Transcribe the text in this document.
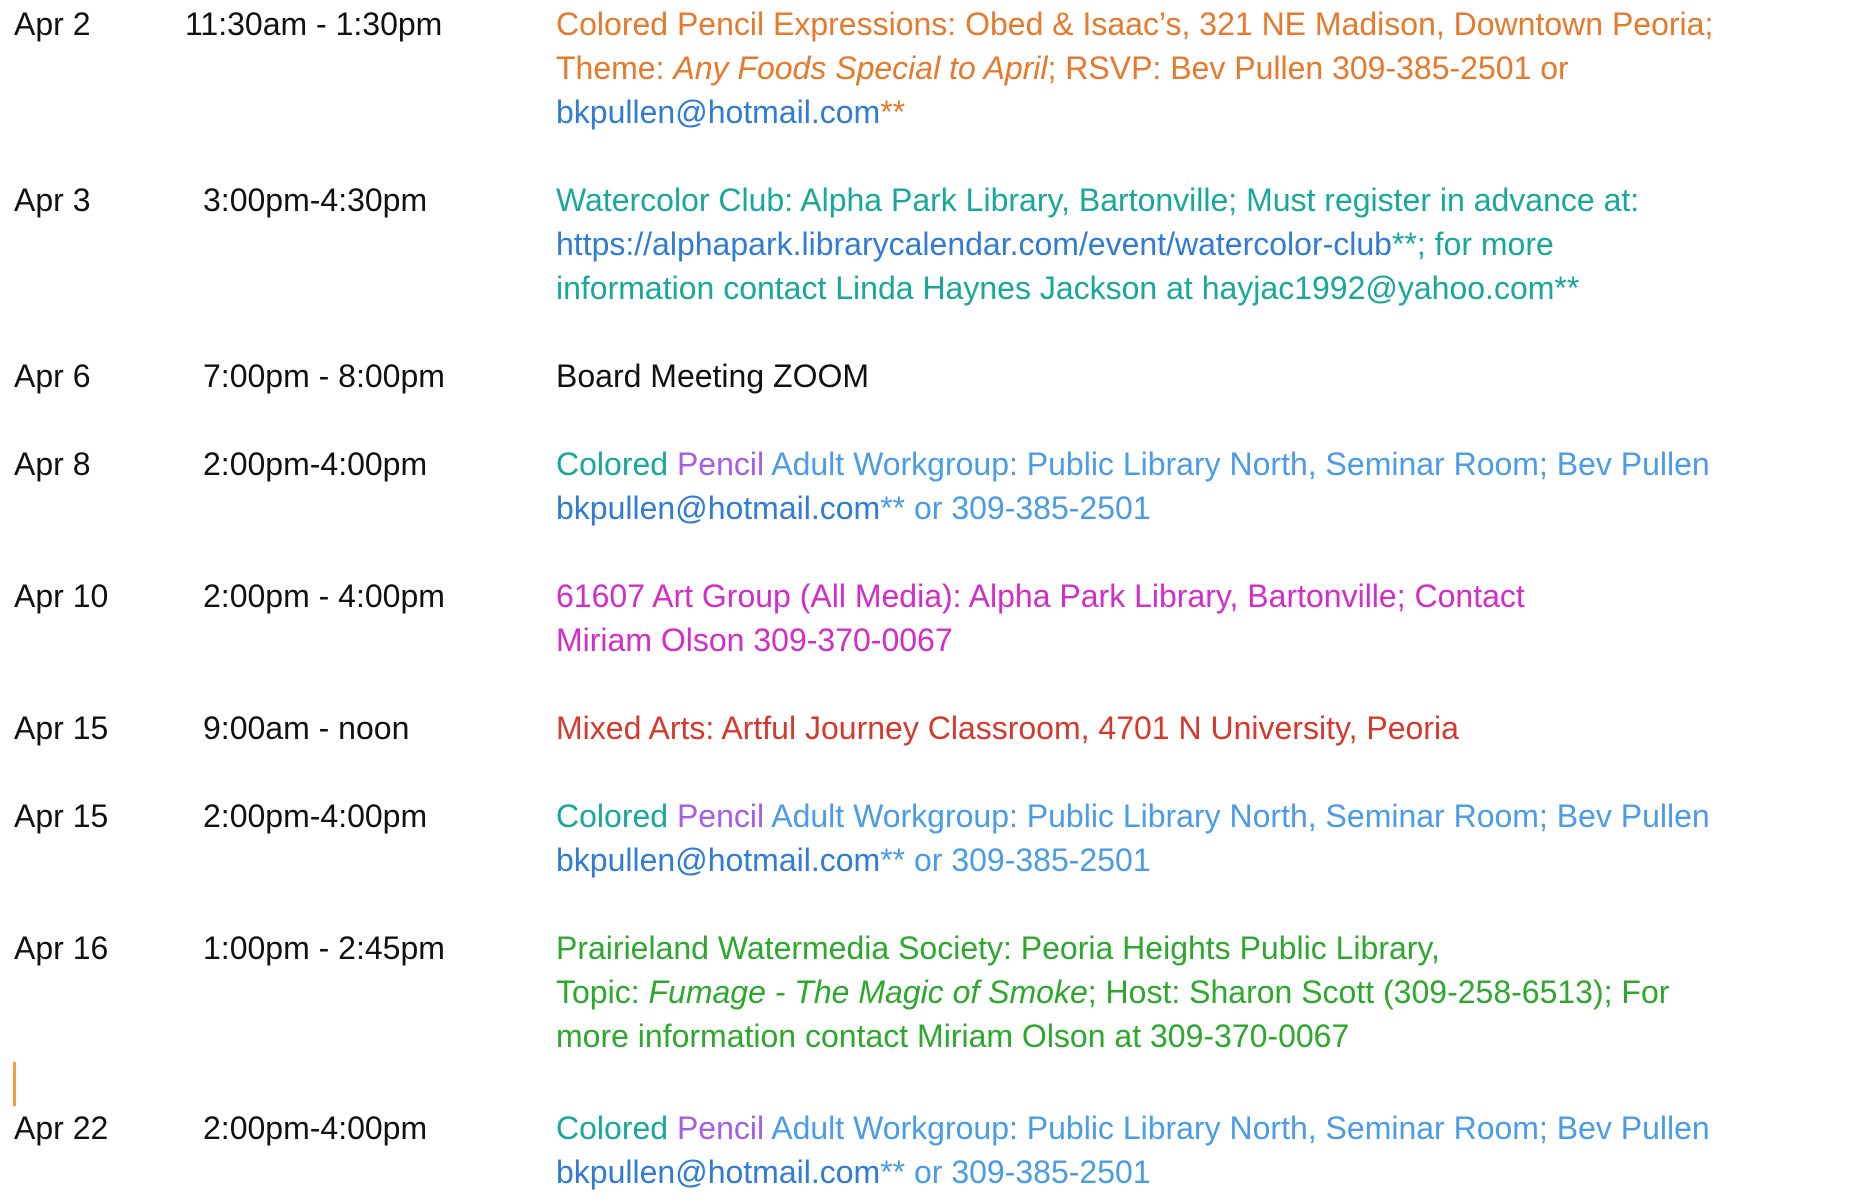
Apr 2	11:30am - 1:30pm	Colored Pencil Expressions: Obed & Isaac’s, 321 NE Madison, Downtown Peoria;
Theme: Any Foods Special to April; RSVP: Bev Pullen 309-385-2501 or
bkpullen@hotmail.com**
Apr 3	3:00pm-4:30pm	Watercolor Club: Alpha Park Library, Bartonville; Must register in advance at:
https://alphapark.librarycalendar.com/event/watercolor-club**; for more
information contact Linda Haynes Jackson at hayjac1992@yahoo.com**
Apr 6	7:00pm - 8:00pm	Board Meeting ZOOM
Apr 8	2:00pm-4:00pm	Colored Pencil Adult Workgroup: Public Library North, Seminar Room; Bev Pullen
bkpullen@hotmail.com** or 309-385-2501
Apr 10	2:00pm - 4:00pm	61607 Art Group (All Media): Alpha Park Library, Bartonville; Contact
Miriam Olson 309-370-0067
Apr 15	9:00am - noon	Mixed Arts: Artful Journey Classroom, 4701 N University, Peoria
Apr 15	2:00pm-4:00pm	Colored Pencil Adult Workgroup: Public Library North, Seminar Room; Bev Pullen
bkpullen@hotmail.com** or 309-385-2501
Apr 16	1:00pm - 2:45pm	Prairieland Watermedia Society: Peoria Heights Public Library,
Topic: Fumage - The Magic of Smoke; Host: Sharon Scott (309-258-6513); For
more information contact Miriam Olson at 309-370-0067
Apr 22	2:00pm-4:00pm	Colored Pencil Adult Workgroup: Public Library North, Seminar Room; Bev Pullen
bkpullen@hotmail.com** or 309-385-2501
